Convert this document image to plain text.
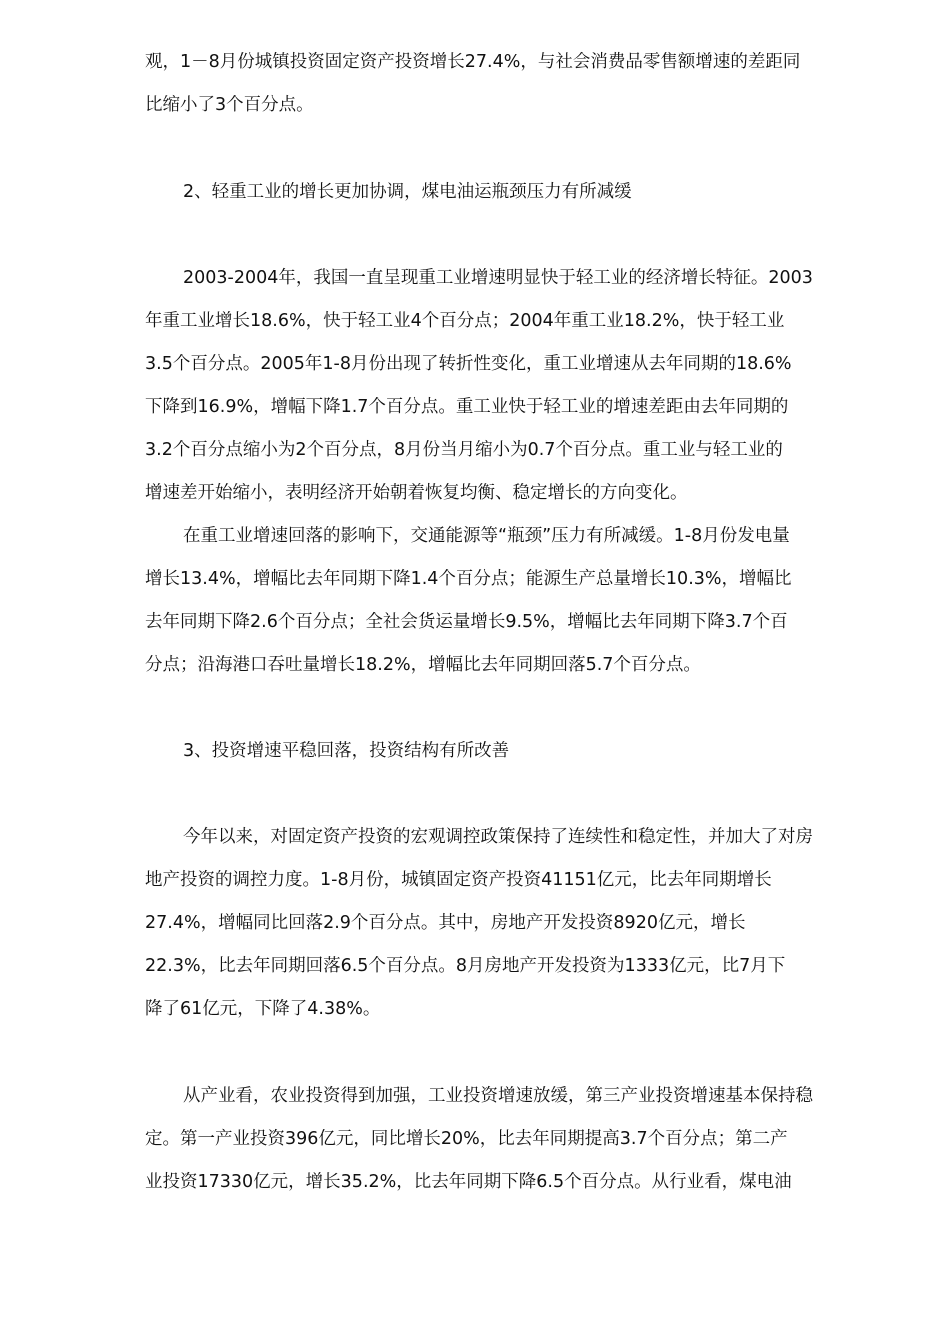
观，1－8月份城镇投资固定资产投资增长27.4%，与社会消费品零售额增速的差距同
比缩小了3个百分点。
2、轻重工业的增长更加协调，煤电油运瓶颈压力有所减缓
2003-2004年，我国一直呈现重工业增速明显快于轻工业的经济增长特征。2003
年重工业增长18.6%，快于轻工业4个百分点；2004年重工业18.2%，快于轻工业
3.5个百分点。2005年1-8月份出现了转折性变化，重工业增速从去年同期的18.6%
下降到16.9%，增幅下降1.7个百分点。重工业快于轻工业的增速差距由去年同期的
3.2个百分点缩小为2个百分点，8月份当月缩小为0.7个百分点。重工业与轻工业的
增速差开始缩小，表明经济开始朝着恢复均衡、稳定增长的方向变化。
在重工业增速回落的影响下，交通能源等“瓶颈”压力有所减缓。1-8月份发电量
增长13.4%，增幅比去年同期下降1.4个百分点；能源生产总量增长10.3%，增幅比
去年同期下降2.6个百分点；全社会货运量增长9.5%，增幅比去年同期下降3.7个百
分点；沿海港口吞吐量增长18.2%，增幅比去年同期回落5.7个百分点。
3、投资增速平稳回落，投资结构有所改善
今年以来，对固定资产投资的宏观调控政策保持了连续性和稳定性，并加大了对房
地产投资的调控力度。1-8月份，城镇固定资产投资41151亿元，比去年同期增长
27.4%，增幅同比回落2.9个百分点。其中，房地产开发投资8920亿元，增长
22.3%，比去年同期回落6.5个百分点。8月房地产开发投资为1333亿元，比7月下
降了61亿元，下降了4.38%。
从产业看，农业投资得到加强，工业投资增速放缓，第三产业投资增速基本保持稳
定。第一产业投资396亿元，同比增长20%，比去年同期提高3.7个百分点；第二产
业投资17330亿元，增长35.2%，比去年同期下降6.5个百分点。从行业看，煤电油
